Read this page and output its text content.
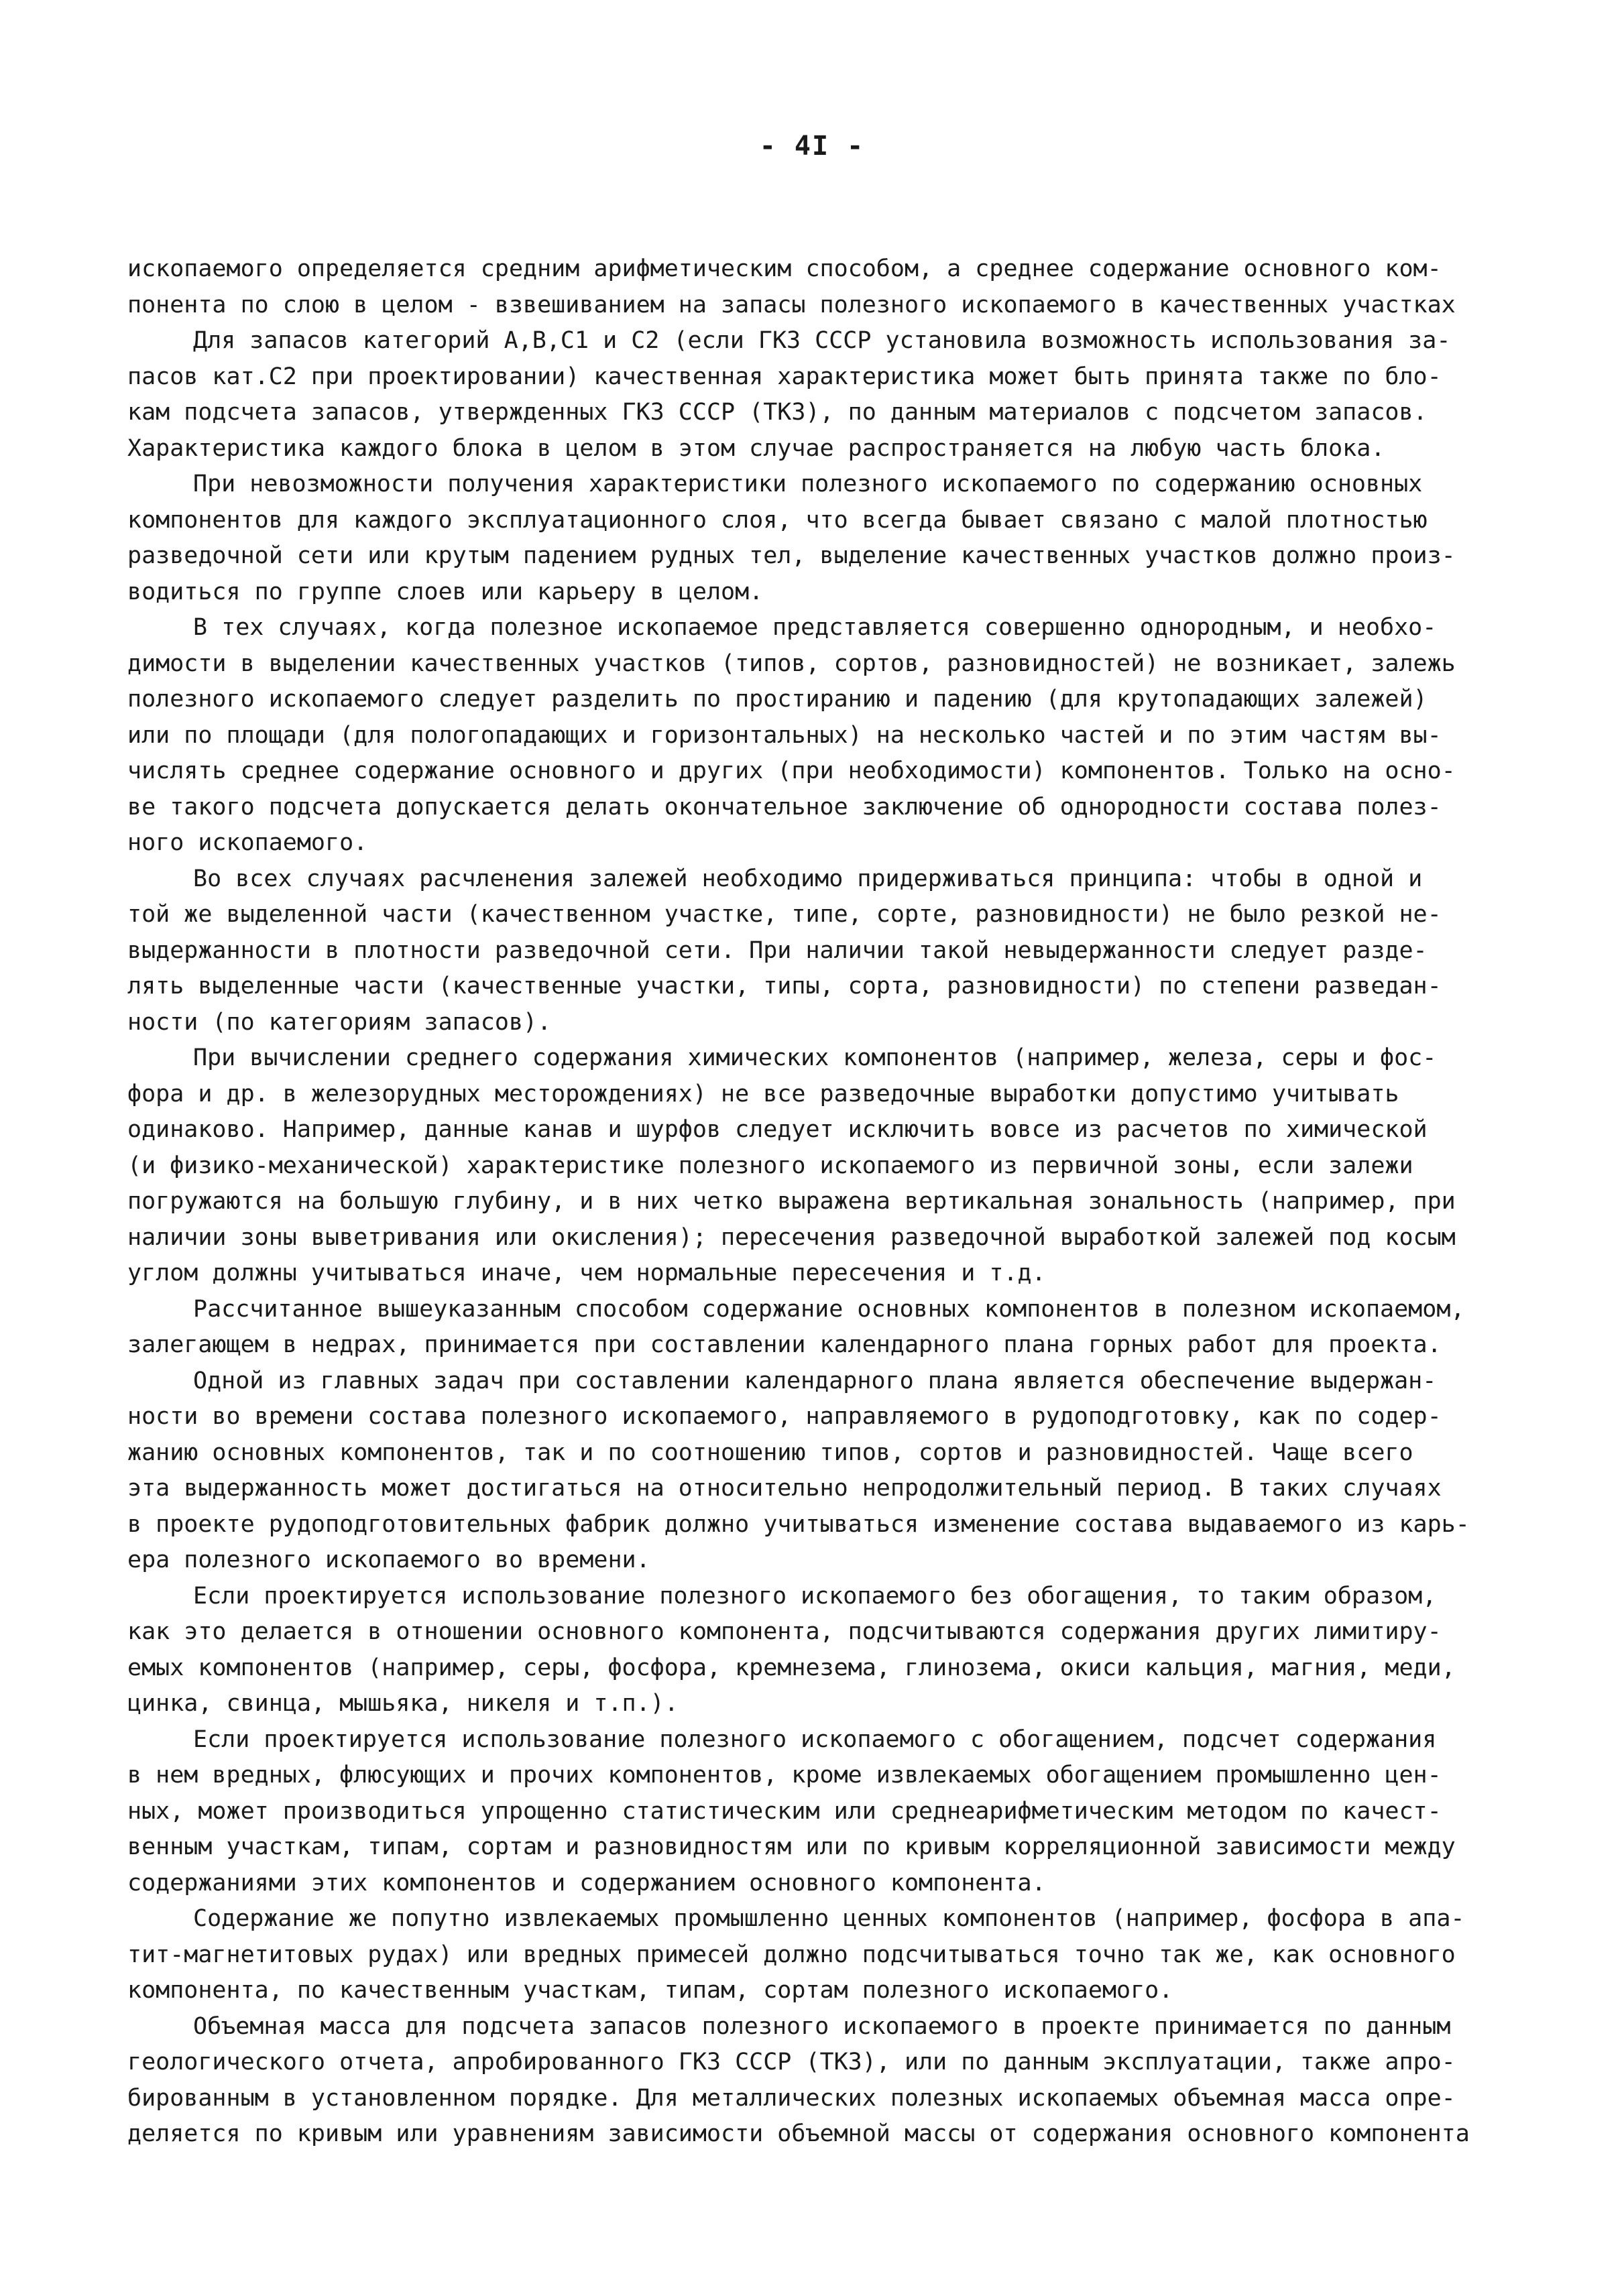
- 4I -
ископаемого определяется средним арифметическим способом, а среднее содержание основного ком-
понента по слою в целом - взвешиванием на запасы полезного ископаемого в качественных участках
Для запасов категорий A,B,C1 и C2 (если ГКЗ СССР установила возможность использования за-
пасов кат.C2 при проектировании) качественная характеристика может быть принята также по бло-
кам подсчета запасов, утвержденных ГКЗ СССР (ТКЗ), по данным материалов с подсчетом запасов.
Характеристика каждого блока в целом в этом случае распространяется на любую часть блока.
При невозможности получения характеристики полезного ископаемого по содержанию основных
компонентов для каждого эксплуатационного слоя, что всегда бывает связано с малой плотностью
разведочной сети или крутым падением рудных тел, выделение качественных участков должно произ-
водиться по группе слоев или карьеру в целом.
В тех случаях, когда полезное ископаемое представляется совершенно однородным, и необхо-
димости в выделении качественных участков (типов, сортов, разновидностей) не возникает, залежь
полезного ископаемого следует разделить по простиранию и падению (для крутопадающих залежей)
или по площади (для пологопадающих и горизонтальных) на несколько частей и по этим частям вы-
числять среднее содержание основного и других (при необходимости) компонентов. Только на осно-
ве такого подсчета допускается делать окончательное заключение об однородности состава полез-
ного ископаемого.
Во всех случаях расчленения залежей необходимо придерживаться принципа: чтобы в одной и
той же выделенной части (качественном участке, типе, сорте, разновидности) не было резкой не-
выдержанности в плотности разведочной сети. При наличии такой невыдержанности следует разде-
лять выделенные части (качественные участки, типы, сорта, разновидности) по степени разведан-
ности (по категориям запасов).
При вычислении среднего содержания химических компонентов (например, железа, серы и фос-
фора и др. в железорудных месторождениях) не все разведочные выработки допустимо учитывать
одинаково. Например, данные канав и шурфов следует исключить вовсе из расчетов по химической
(и физико-механической) характеристике полезного ископаемого из первичной зоны, если залежи
погружаются на большую глубину, и в них четко выражена вертикальная зональность (например, при
наличии зоны выветривания или окисления); пересечения разведочной выработкой залежей под косым
углом должны учитываться иначе, чем нормальные пересечения и т.д.
Рассчитанное вышеуказанным способом содержание основных компонентов в полезном ископаемом,
залегающем в недрах, принимается при составлении календарного плана горных работ для проекта.
Одной из главных задач при составлении календарного плана является обеспечение выдержан-
ности во времени состава полезного ископаемого, направляемого в рудоподготовку, как по содер-
жанию основных компонентов, так и по соотношению типов, сортов и разновидностей. Чаще всего
эта выдержанность может достигаться на относительно непродолжительный период. В таких случаях
в проекте рудоподготовительных фабрик должно учитываться изменение состава выдаваемого из карь-
ера полезного ископаемого во времени.
Если проектируется использование полезного ископаемого без обогащения, то таким образом,
как это делается в отношении основного компонента, подсчитываются содержания других лимитиру-
емых компонентов (например, серы, фосфора, кремнезема, глинозема, окиси кальция, магния, меди,
цинка, свинца, мышьяка, никеля и т.п.).
Если проектируется использование полезного ископаемого с обогащением, подсчет содержания
в нем вредных, флюсующих и прочих компонентов, кроме извлекаемых обогащением промышленно цен-
ных, может производиться упрощенно статистическим или среднеарифметическим методом по качест-
венным участкам, типам, сортам и разновидностям или по кривым корреляционной зависимости между
содержаниями этих компонентов и содержанием основного компонента.
Содержание же попутно извлекаемых промышленно ценных компонентов (например, фосфора в апа-
тит-магнетитовых рудах) или вредных примесей должно подсчитываться точно так же, как основного
компонента, по качественным участкам, типам, сортам полезного ископаемого.
Объемная масса для подсчета запасов полезного ископаемого в проекте принимается по данным
геологического отчета, апробированного ГКЗ СССР (ТКЗ), или по данным эксплуатации, также апро-
бированным в установленном порядке. Для металлических полезных ископаемых объемная масса опре-
деляется по кривым или уравнениям зависимости объемной массы от содержания основного компонента
